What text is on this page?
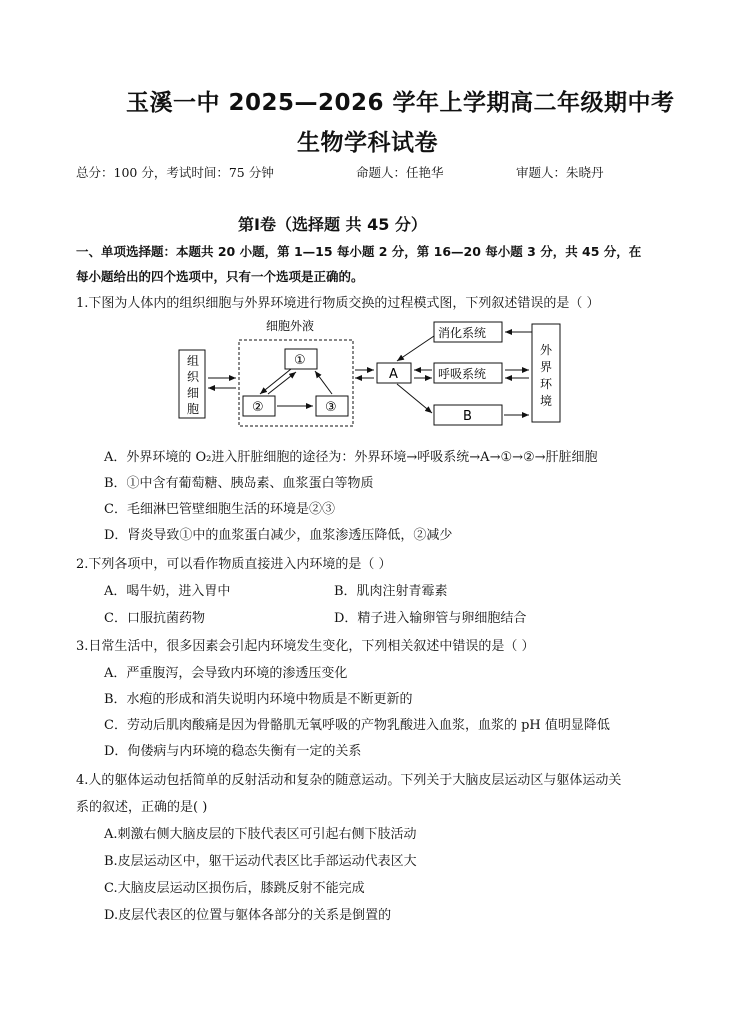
玉溪一中 2025—2026 学年上学期高二年级期中考
生物学科试卷
总分：100 分，考试时间：75 分钟	命题人：任艳华	审题人：朱晓丹
第Ⅰ卷（选择题 共 45 分）
一、单项选择题：本题共 20 小题，第 1—15 每小题 2 分，第 16—20 每小题 3 分，共 45 分，在
每小题给出的四个选项中，只有一个选项是正确的。
1.下图为人体内的组织细胞与外界环境进行物质交换的过程模式图，下列叙述错误的是（ ）
细胞外液
组
织
细
胞
①
②	③
A
消化系统
呼吸系统
B
外
界
环
境
A．外界环境的 O₂进入肝脏细胞的途径为：外界环境→呼吸系统→A→①→②→肝脏细胞
B．①中含有葡萄糖、胰岛素、血浆蛋白等物质
C．毛细淋巴管壁细胞生活的环境是②③
D．肾炎导致①中的血浆蛋白减少，血浆渗透压降低，②减少
2.下列各项中，可以看作物质直接进入内环境的是（ ）
A．喝牛奶，进入胃中	B．肌肉注射青霉素
C．口服抗菌药物	D．精子进入输卵管与卵细胞结合
3.日常生活中，很多因素会引起内环境发生变化，下列相关叙述中错误的是（ ）
A．严重腹泻，会导致内环境的渗透压变化
B．水疱的形成和消失说明内环境中物质是不断更新的
C．劳动后肌肉酸痛是因为骨骼肌无氧呼吸的产物乳酸进入血浆，血浆的 pH 值明显降低
D．佝偻病与内环境的稳态失衡有一定的关系
4.人的躯体运动包括简单的反射活动和复杂的随意运动。下列关于大脑皮层运动区与躯体运动关
系的叙述，正确的是( )
A.刺激右侧大脑皮层的下肢代表区可引起右侧下肢活动
B.皮层运动区中，躯干运动代表区比手部运动代表区大
C.大脑皮层运动区损伤后，膝跳反射不能完成
D.皮层代表区的位置与躯体各部分的关系是倒置的
